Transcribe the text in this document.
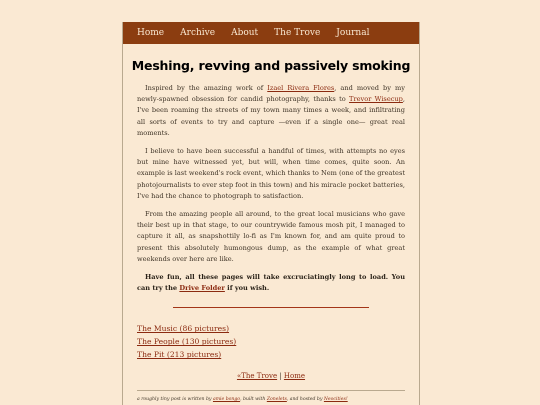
Home Archive About The Trove Journal
Meshing, revving and passively smoking

Inspired by the amazing work of Izael Rivera Flores, and moved by my newly-spawned obsession for candid photography, thanks to Trevor Wisecup, I've been roaming the streets of my town many times a week, and infiltrating all sorts of events to try and capture —even if a single one— great real moments.

I believe to have been successful a handful of times, with attempts no eyes but mine have witnessed yet, but will, when time comes, quite soon. An example is last weekend's rock event, which thanks to Nem (one of the greatest photojournalists to ever step foot in this town) and his miracle pocket batteries, I've had the chance to photograph to satisfaction.

From the amazing people all around, to the great local musicians who gave their best up in that stage, to our countrywide famous mosh pit, I managed to capture it all, as snapshottily lo-fi as I'm known for, and am quite proud to present this absolutely humongous dump, as the example of what great weekends over here are like.

Have fun, all these pages will take excruciatingly long to load. You can try the Drive Folder if you wish.

The Music (86 pictures)
The People (130 pictures)
The Pit (213 pictures)
«The Trove | Home
a roughly tiny post is written by amie bongo, built with Zonelets, and hosted by Neocities!
